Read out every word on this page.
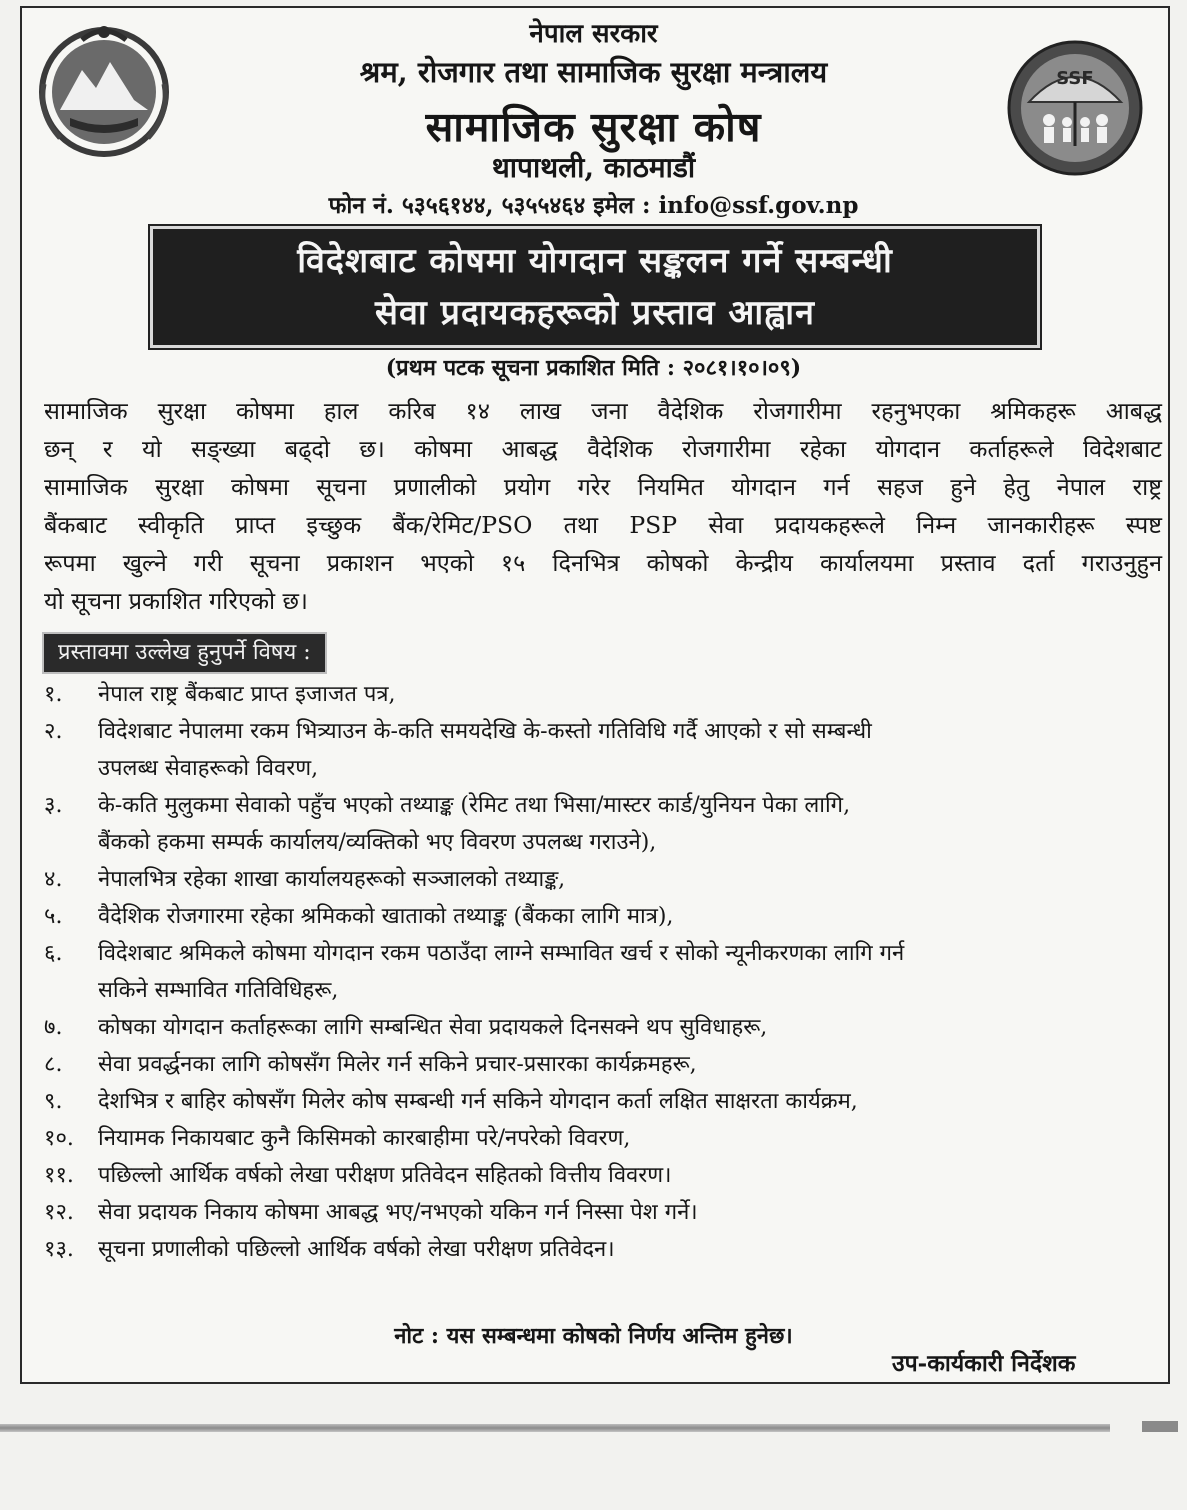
SSF
नेपाल सरकार
श्रम, रोजगार तथा सामाजिक सुरक्षा मन्त्रालय
सामाजिक सुरक्षा कोष
थापाथली, काठमाडौं
फोन नं. ५३५६१४४, ५३५५४६४ इमेल : info@ssf.gov.np
विदेशबाट कोषमा योगदान सङ्कलन गर्ने सम्बन्धी
सेवा प्रदायकहरूको प्रस्ताव आह्वान
(प्रथम पटक सूचना प्रकाशित मिति : २०८१।१०।०९)
सामाजिक सुरक्षा कोषमा हाल करिब १४ लाख जना वैदेशिक रोजगारीमा रहनुभएका श्रमिकहरू आबद्ध
छन् र यो सङ्ख्या बढ्दो छ। कोषमा आबद्ध वैदेशिक रोजगारीमा रहेका योगदान कर्ताहरूले विदेशबाट
सामाजिक सुरक्षा कोषमा सूचना प्रणालीको प्रयोग गरेर नियमित योगदान गर्न सहज हुने हेतु नेपाल राष्ट्र
बैंकबाट स्वीकृति प्राप्त इच्छुक बैंक/रेमिट/PSO तथा PSP सेवा प्रदायकहरूले निम्न जानकारीहरू स्पष्ट
रूपमा खुल्ने गरी सूचना प्रकाशन भएको १५ दिनभित्र कोषको केन्द्रीय कार्यालयमा प्रस्ताव दर्ता गराउनुहुन
यो सूचना प्रकाशित गरिएको छ।
प्रस्तावमा उल्लेख हुनुपर्ने विषय :
१. नेपाल राष्ट्र बैंकबाट प्राप्त इजाजत पत्र,
२. विदेशबाट नेपालमा रकम भित्र्याउन के-कति समयदेखि के-कस्तो गतिविधि गर्दै आएको र सो सम्बन्धी
उपलब्ध सेवाहरूको विवरण,
३. के-कति मुलुकमा सेवाको पहुँच भएको तथ्याङ्क (रेमिट तथा भिसा/मास्टर कार्ड/युनियन पेका लागि,
बैंकको हकमा सम्पर्क कार्यालय/व्यक्तिको भए विवरण उपलब्ध गराउने),
४. नेपालभित्र रहेका शाखा कार्यालयहरूको सञ्जालको तथ्याङ्क,
५. वैदेशिक रोजगारमा रहेका श्रमिकको खाताको तथ्याङ्क (बैंकका लागि मात्र),
६. विदेशबाट श्रमिकले कोषमा योगदान रकम पठाउँदा लाग्ने सम्भावित खर्च र सोको न्यूनीकरणका लागि गर्न
सकिने सम्भावित गतिविधिहरू,
७. कोषका योगदान कर्ताहरूका लागि सम्बन्धित सेवा प्रदायकले दिनसक्ने थप सुविधाहरू,
८. सेवा प्रवर्द्धनका लागि कोषसँग मिलेर गर्न सकिने प्रचार-प्रसारका कार्यक्रमहरू,
९. देशभित्र र बाहिर कोषसँग मिलेर कोष सम्बन्धी गर्न सकिने योगदान कर्ता लक्षित साक्षरता कार्यक्रम,
१०. नियामक निकायबाट कुनै किसिमको कारबाहीमा परे/नपरेको विवरण,
११. पछिल्लो आर्थिक वर्षको लेखा परीक्षण प्रतिवेदन सहितको वित्तीय विवरण।
१२. सेवा प्रदायक निकाय कोषमा आबद्ध भए/नभएको यकिन गर्न निस्सा पेश गर्ने।
१३. सूचना प्रणालीको पछिल्लो आर्थिक वर्षको लेखा परीक्षण प्रतिवेदन।
नोट : यस सम्बन्धमा कोषको निर्णय अन्तिम हुनेछ।
उप-कार्यकारी निर्देशक
